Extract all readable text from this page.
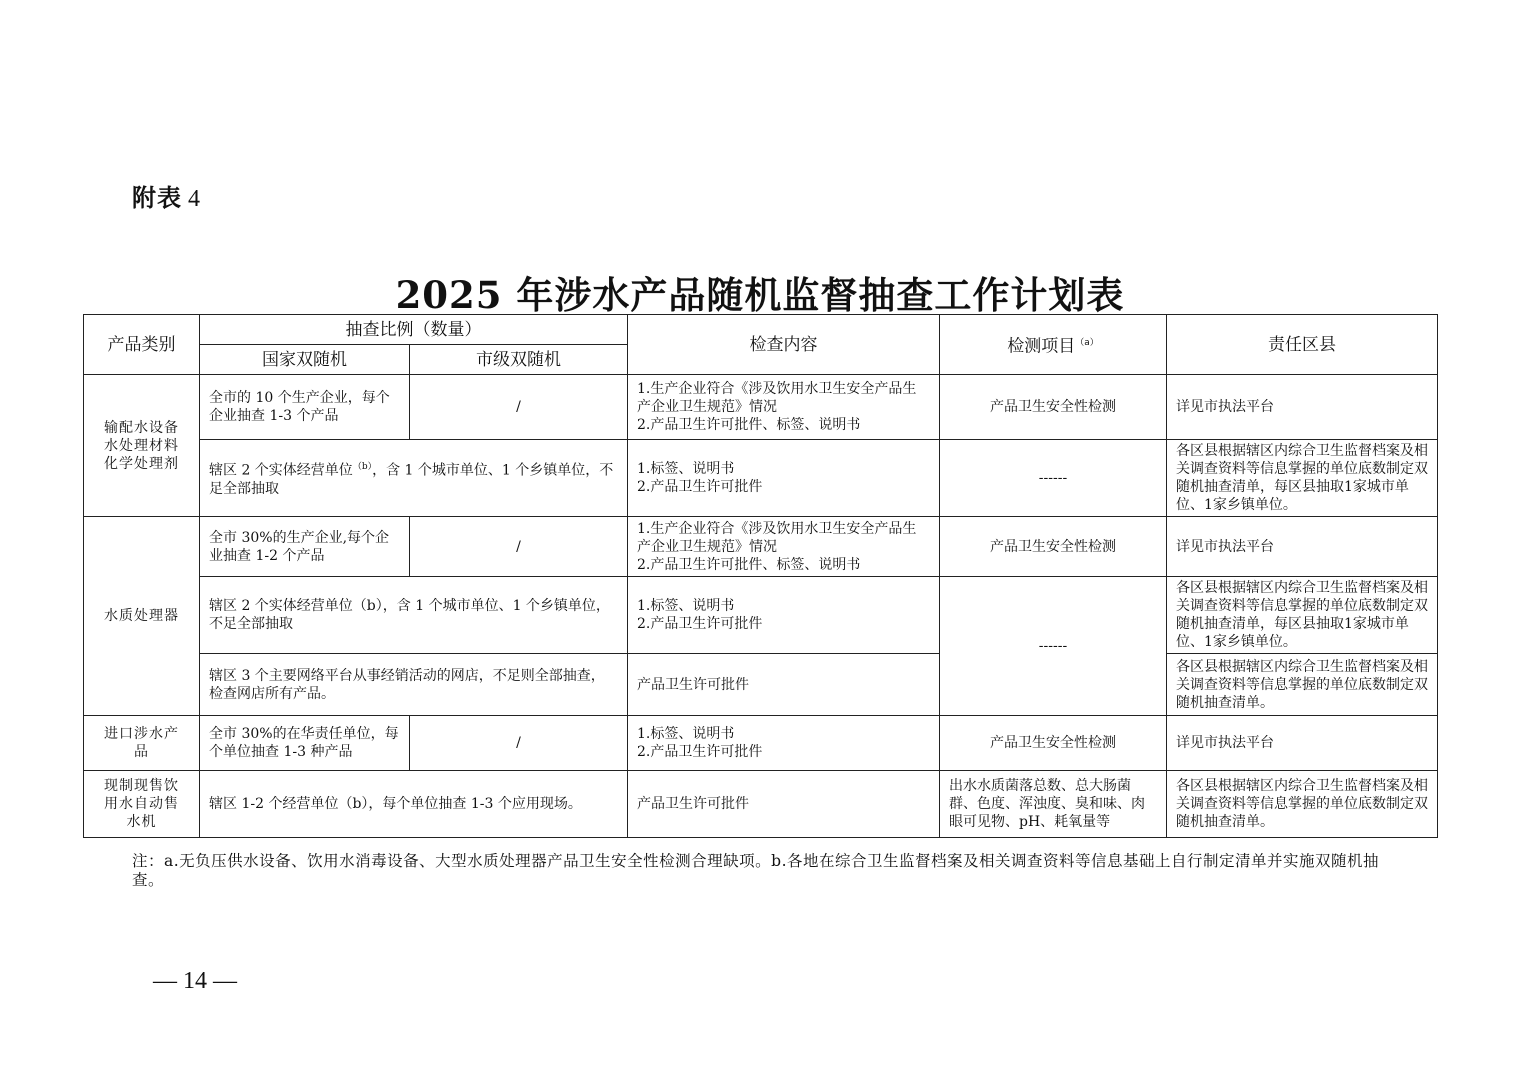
附表 4
2025 年涉水产品随机监督抽查工作计划表
产品类别	抽查比例（数量）		检查内容	检测项目$^{(a)}$	责任区县
	国家双随机	市级双随机			
输配水设备水处理材料化学处理剂	全市的 10 个生产企业，每个企业抽查 1-3 个产品	/	1.生产企业符合《涉及饮用水卫生安全产品生产企业卫生规范》情况
2.产品卫生许可批件、标签、说明书	产品卫生安全性检测	详见市执法平台
	辖区 2 个实体经营单位$^{(b)}$，含 1 个城市单位、1 个乡镇单位，不足全部抽取		1.标签、说明书
2.产品卫生许可批件	------	各区县根据辖区内综合卫生监督档案及相关调查资料等信息掌握的单位底数制定双随机抽查清单，每区县抽取1家城市单位、1家乡镇单位。
水质处理器	全市 30%的生产企业,每个企业抽查 1-2 个产品	/	1.生产企业符合《涉及饮用水卫生安全产品生产企业卫生规范》情况
2.产品卫生许可批件、标签、说明书	产品卫生安全性检测	详见市执法平台
	辖区 2 个实体经营单位（b），含 1 个城市单位、1 个乡镇单位，不足全部抽取		1.标签、说明书
2.产品卫生许可批件	------	各区县根据辖区内综合卫生监督档案及相关调查资料等信息掌握的单位底数制定双随机抽查清单，每区县抽取1家城市单位、1家乡镇单位。
	辖区 3 个主要网络平台从事经销活动的网店，不足则全部抽查，检查网店所有产品。		产品卫生许可批件		各区县根据辖区内综合卫生监督档案及相关调查资料等信息掌握的单位底数制定双随机抽查清单。
进口涉水产品	全市 30%的在华责任单位，每个单位抽查 1-3 种产品	/	1.标签、说明书
2.产品卫生许可批件	产品卫生安全性检测	详见市执法平台
现制现售饮用水自动售水机	辖区 1-2 个经营单位（b），每个单位抽查 1-3 个应用现场。		产品卫生许可批件	出水水质菌落总数、总大肠菌群、色度、浑浊度、臭和味、肉眼可见物、pH、耗氧量等	各区县根据辖区内综合卫生监督档案及相关调查资料等信息掌握的单位底数制定双随机抽查清单。
注：a.无负压供水设备、饮用水消毒设备、大型水质处理器产品卫生安全性检测合理缺项。b.各地在综合卫生监督档案及相关调查资料等信息基础上自行制定清单并实施双随机抽查。
— 14 —
